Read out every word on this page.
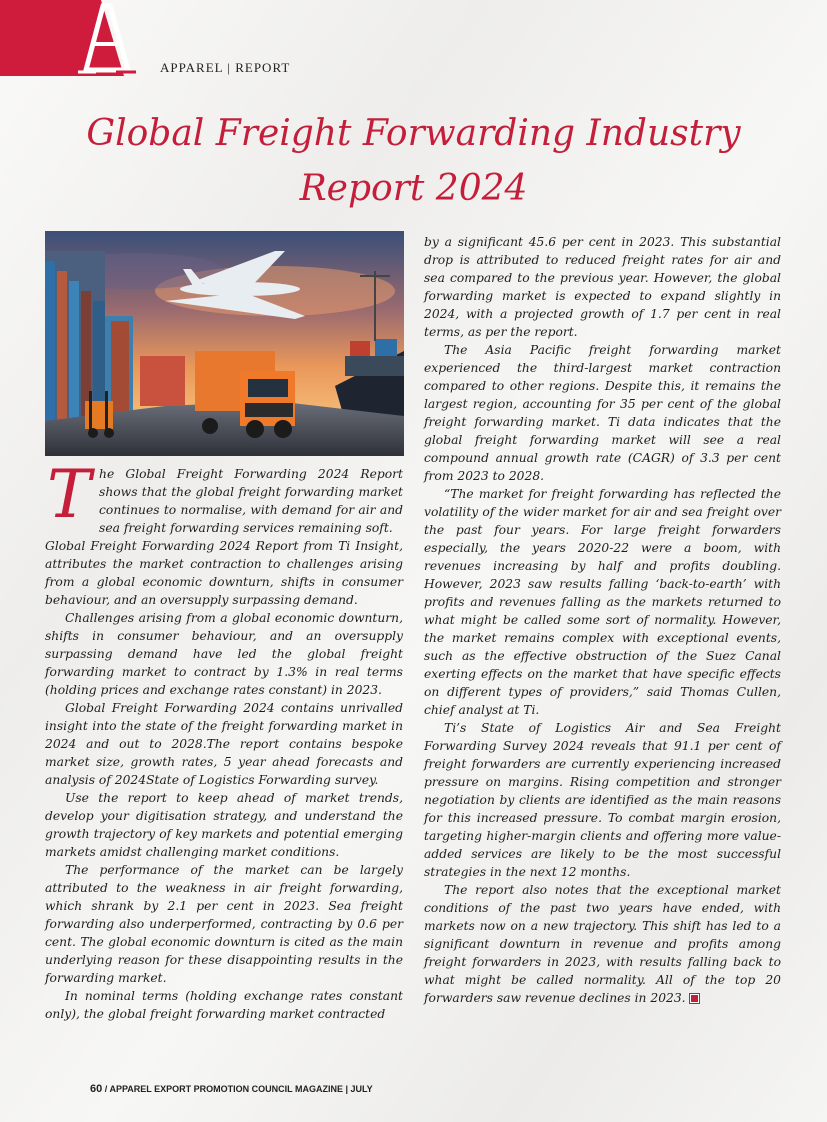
APPAREL | REPORT
Global Freight Forwarding Industry Report 2024

The Global Freight Forwarding 2024 Report shows that the global freight forwarding market continues to normalise, with demand for air and sea freight forwarding services remaining soft.

Global Freight Forwarding 2024 Report from Ti Insight, attributes the market contraction to challenges arising from a global economic downturn, shifts in consumer behaviour, and an oversupply surpassing demand.

Challenges arising from a global economic downturn, shifts in consumer behaviour, and an oversupply surpassing demand have led the global freight forwarding market to contract by 1.3% in real terms (holding prices and exchange rates constant) in 2023.

Global Freight Forwarding 2024 contains unrivalled insight into the state of the freight forwarding market in 2024 and out to 2028.The report contains bespoke market size, growth rates, 5 year ahead forecasts and analysis of 2024State of Logistics Forwarding survey.

Use the report to keep ahead of market trends, develop your digitisation strategy, and understand the growth trajectory of key markets and potential emerging markets amidst challenging market conditions.

The performance of the market can be largely attributed to the weakness in air freight forwarding, which shrank by 2.1 per cent in 2023. Sea freight forwarding also underperformed, contracting by 0.6 per cent. The global economic downturn is cited as the main underlying reason for these disappointing results in the forwarding market.

In nominal terms (holding exchange rates constant only), the global freight forwarding market contracted

by a significant 45.6 per cent in 2023. This substantial drop is attributed to reduced freight rates for air and sea compared to the previous year. However, the global forwarding market is expected to expand slightly in 2024, with a projected growth of 1.7 per cent in real terms, as per the report.

The Asia Pacific freight forwarding market experienced the third-largest market contraction compared to other regions. Despite this, it remains the largest region, accounting for 35 per cent of the global freight forwarding market. Ti data indicates that the global freight forwarding market will see a real compound annual growth rate (CAGR) of 3.3 per cent from 2023 to 2028.

“The market for freight forwarding has reflected the volatility of the wider market for air and sea freight over the past four years. For large freight forwarders especially, the years 2020-22 were a boom, with revenues increasing by half and profits doubling. However, 2023 saw results falling ‘back-to-earth’ with profits and revenues falling as the markets returned to what might be called some sort of normality. However, the market remains complex with exceptional events, such as the effective obstruction of the Suez Canal exerting effects on the market that have specific effects on different types of providers,” said Thomas Cullen, chief analyst at Ti.

Ti’s State of Logistics Air and Sea Freight Forwarding Survey 2024 reveals that 91.1 per cent of freight forwarders are currently experiencing increased pressure on margins. Rising competition and stronger negotiation by clients are identified as the main reasons for this increased pressure. To combat margin erosion, targeting higher-margin clients and offering more value-added services are likely to be the most successful strategies in the next 12 months.

The report also notes that the exceptional market conditions of the past two years have ended, with markets now on a new trajectory. This shift has led to a significant downturn in revenue and profits among freight forwarders in 2023, with results falling back to what might be called normality. All of the top 20 forwarders saw revenue declines in 2023.

60 / APPAREL EXPORT PROMOTION COUNCIL MAGAZINE | JULY
